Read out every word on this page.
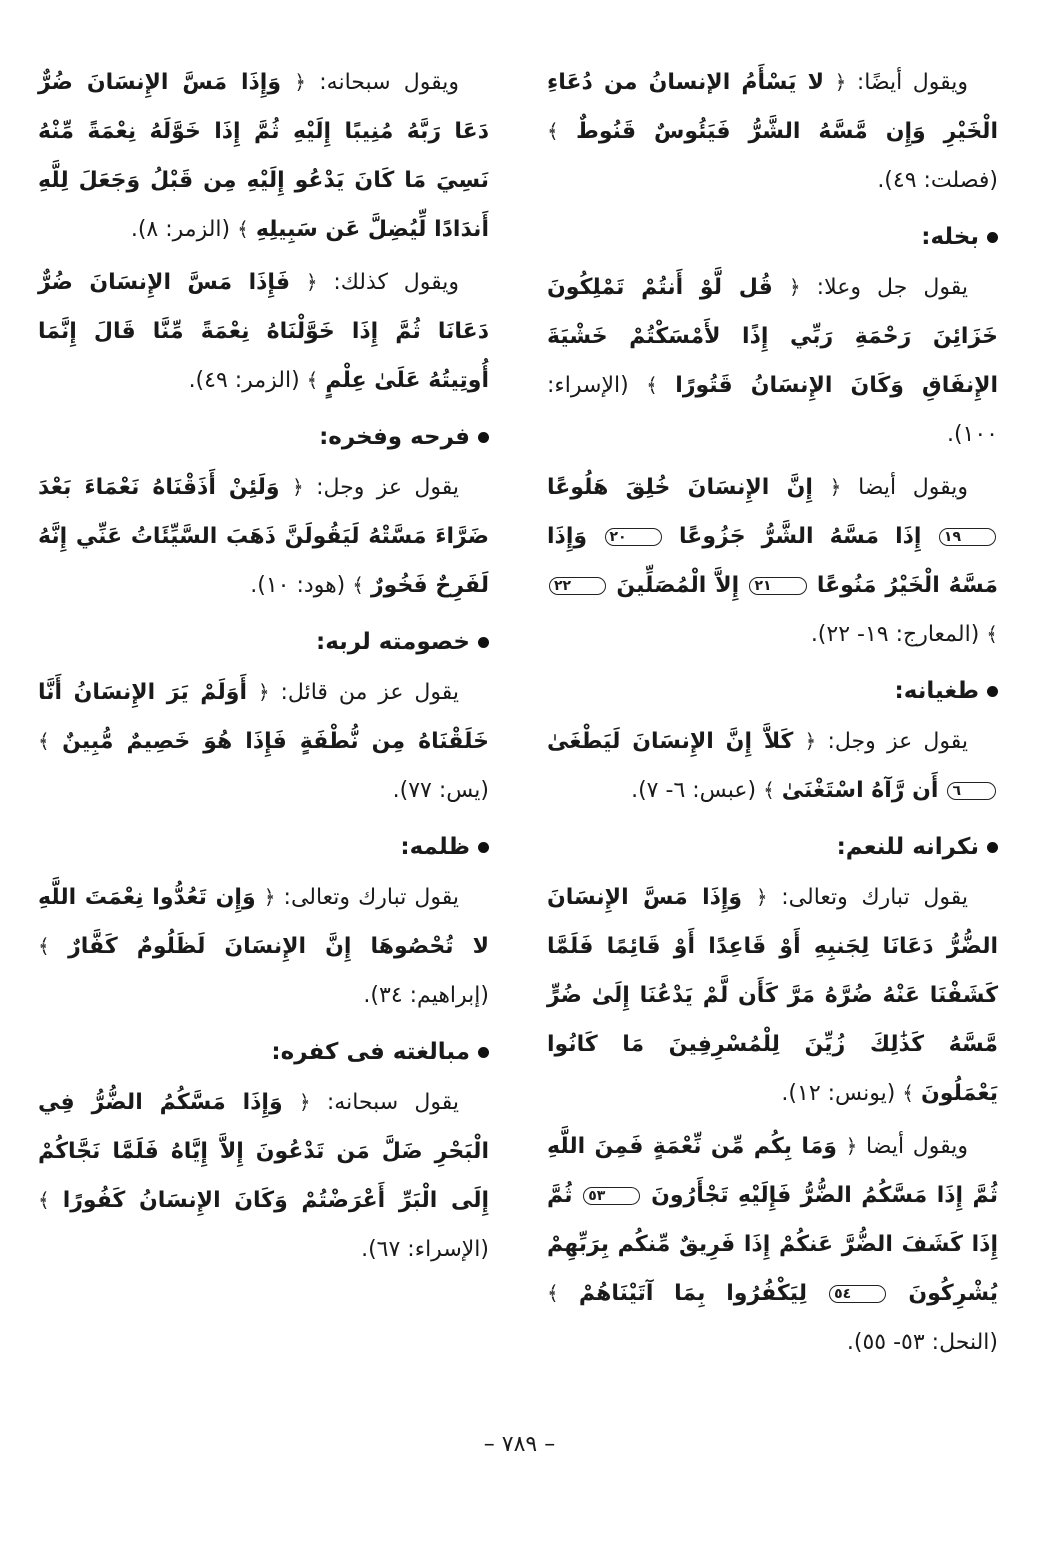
ويقول أيضًا: ﴿ لا يَسْأَمُ الإنسانُ من دُعَاءِ الْخَيْرِ وَإِن مَّسَّهُ الشَّرُّ فَيَئُوسٌ قَنُوطٌ ﴾ (فصلت: ٤٩).

بخله:

يقول جل وعلا: ﴿ قُل لَّوْ أَنتُمْ تَمْلِكُونَ خَزَائِنَ رَحْمَةِ رَبِّي إِذًا لأَمْسَكْتُمْ خَشْيَةَ الإِنفَاقِ وَكَانَ الإِنسَانُ قَتُورًا ﴾ (الإسراء: ١٠٠).

ويقول أيضا ﴿ إِنَّ الإِنسَانَ خُلِقَ هَلُوعًا ١٩ إِذَا مَسَّهُ الشَّرُّ جَزُوعًا ٢٠ وَإِذَا مَسَّهُ الْخَيْرُ مَنُوعًا ٢١ إِلاَّ الْمُصَلِّينَ ٢٢ ﴾ (المعارج: ١٩- ٢٢).

طغيانه:

يقول عز وجل: ﴿ كَلاَّ إِنَّ الإِنسَانَ لَيَطْغَىٰ ٦ أَن رَّآهُ اسْتَغْنَىٰ ﴾ (عبس: ٦- ٧).

نكرانه للنعم:

يقول تبارك وتعالى: ﴿ وَإِذَا مَسَّ الإِنسَانَ الضُّرُّ دَعَانَا لِجَنبِهِ أَوْ قَاعِدًا أَوْ قَائِمًا فَلَمَّا كَشَفْنَا عَنْهُ ضُرَّهُ مَرَّ كَأَن لَّمْ يَدْعُنَا إِلَىٰ ضُرٍّ مَّسَّهُ كَذَٰلِكَ زُيِّنَ لِلْمُسْرِفِينَ مَا كَانُوا يَعْمَلُونَ ﴾ (يونس: ١٢).

ويقول أيضا ﴿ وَمَا بِكُم مِّن نِّعْمَةٍ فَمِنَ اللَّهِ ثُمَّ إِذَا مَسَّكُمُ الضُّرُّ فَإِلَيْهِ تَجْأَرُونَ ٥٣ ثُمَّ إِذَا كَشَفَ الضُّرَّ عَنكُمْ إِذَا فَرِيقٌ مِّنكُم بِرَبِّهِمْ يُشْرِكُونَ ٥٤ لِيَكْفُرُوا بِمَا آتَيْنَاهُمْ ﴾ (النحل: ٥٣- ٥٥).

ويقول سبحانه: ﴿ وَإِذَا مَسَّ الإِنسَانَ ضُرٌّ دَعَا رَبَّهُ مُنِيبًا إِلَيْهِ ثُمَّ إِذَا خَوَّلَهُ نِعْمَةً مِّنْهُ نَسِيَ مَا كَانَ يَدْعُو إِلَيْهِ مِن قَبْلُ وَجَعَلَ لِلَّهِ أَندَادًا لِّيُضِلَّ عَن سَبِيلِهِ ﴾ (الزمر: ٨).

ويقول كذلك: ﴿ فَإِذَا مَسَّ الإِنسَانَ ضُرٌّ دَعَانَا ثُمَّ إِذَا خَوَّلْنَاهُ نِعْمَةً مِّنَّا قَالَ إِنَّمَا أُوتِيتُهُ عَلَىٰ عِلْمٍ ﴾ (الزمر: ٤٩).

فرحه وفخره:

يقول عز وجل: ﴿ وَلَئِنْ أَذَقْنَاهُ نَعْمَاءَ بَعْدَ ضَرَّاءَ مَسَّتْهُ لَيَقُولَنَّ ذَهَبَ السَّيِّئَاتُ عَنِّي إِنَّهُ لَفَرِحٌ فَخُورٌ ﴾ (هود: ١٠).

خصومته لربه:

يقول عز من قائل: ﴿ أَوَلَمْ يَرَ الإِنسَانُ أَنَّا خَلَقْنَاهُ مِن نُّطْفَةٍ فَإِذَا هُوَ خَصِيمٌ مُّبِينٌ ﴾ (يس: ٧٧).

ظلمه:

يقول تبارك وتعالى: ﴿ وَإِن تَعُدُّوا نِعْمَتَ اللَّهِ لا تُحْصُوهَا إِنَّ الإِنسَانَ لَظَلُومٌ كَفَّارٌ ﴾ (إبراهيم: ٣٤).

مبالغته فى كفره:

يقول سبحانه: ﴿ وَإِذَا مَسَّكُمُ الضُّرُّ فِي الْبَحْرِ ضَلَّ مَن تَدْعُونَ إِلاَّ إِيَّاهُ فَلَمَّا نَجَّاكُمْ إِلَى الْبَرِّ أَعْرَضْتُمْ وَكَانَ الإِنسَانُ كَفُورًا ﴾ (الإسراء: ٦٧).

– ٧٨٩ –
